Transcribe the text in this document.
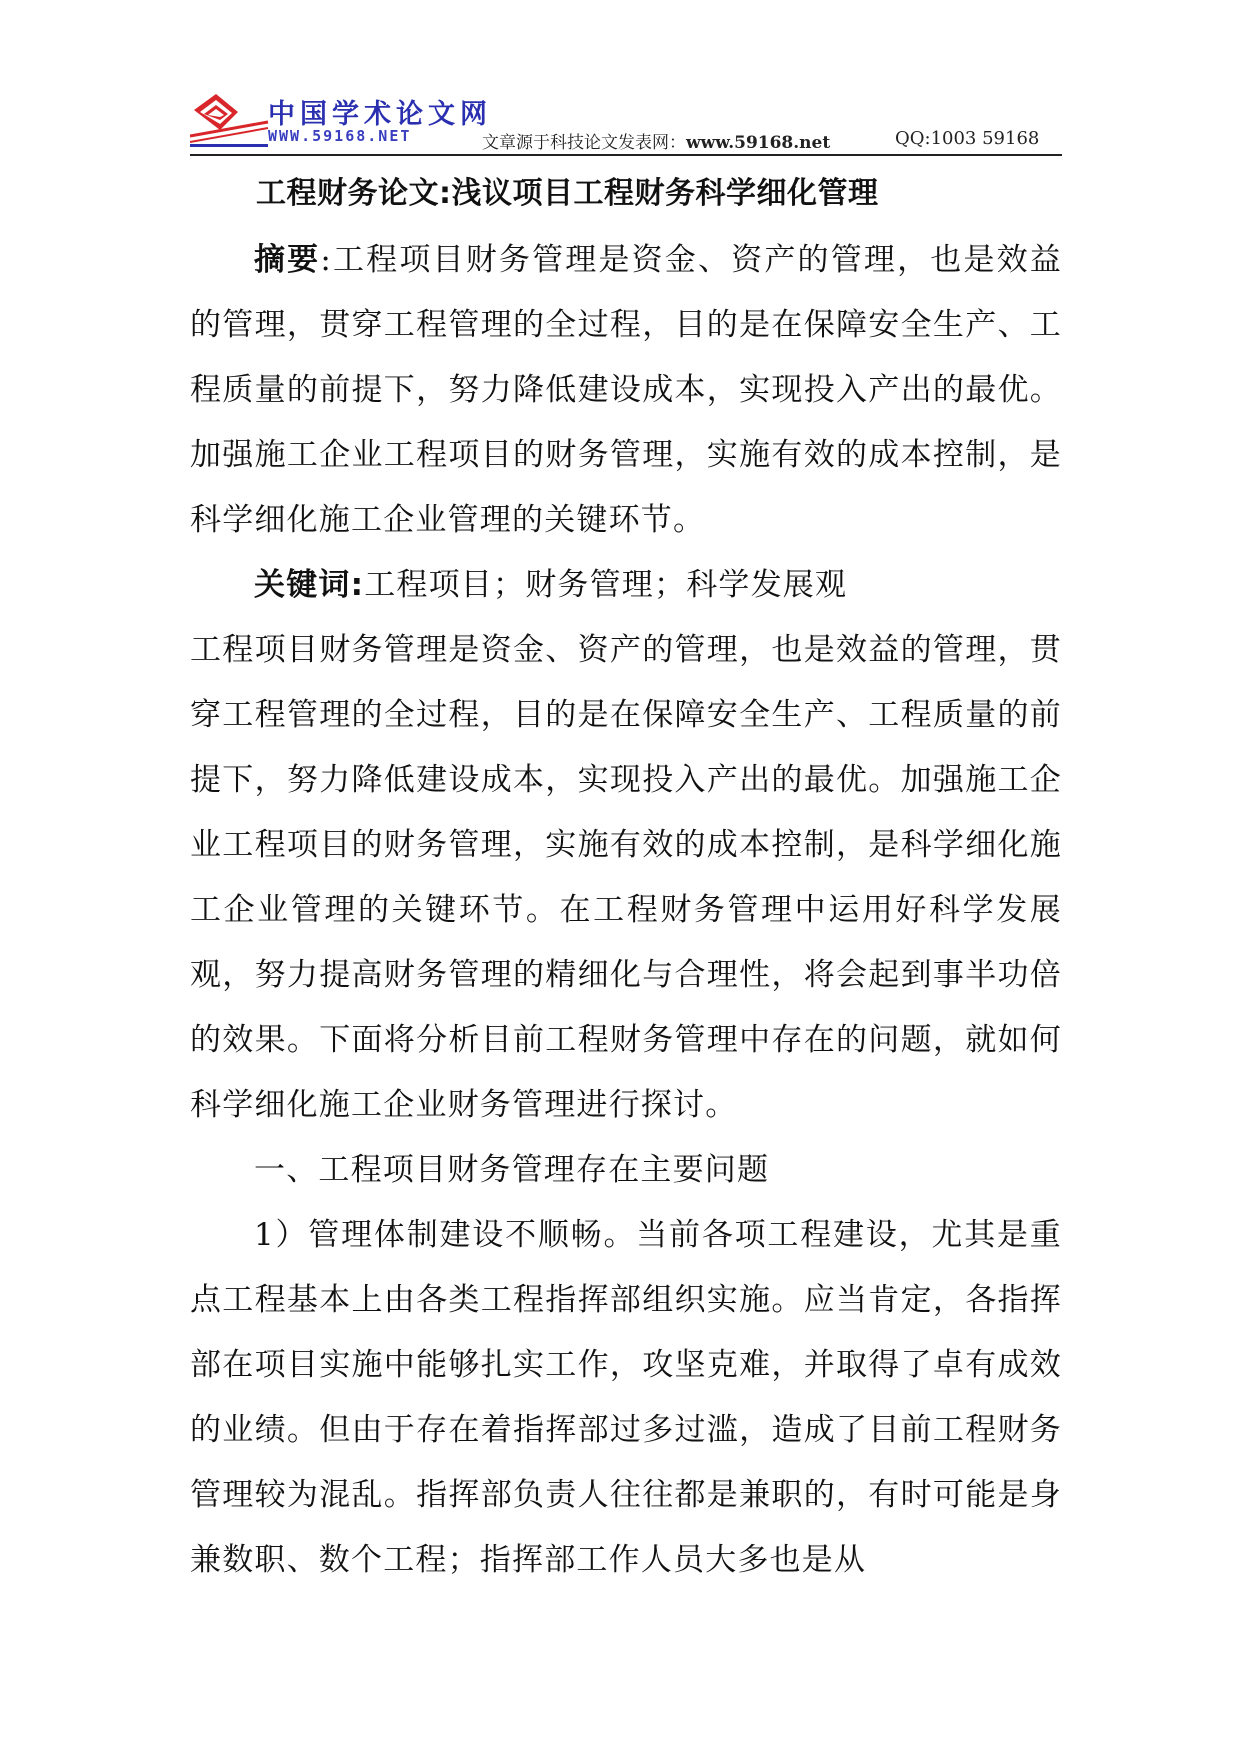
中国学术论文网
WWW.59168.NET	文章源于科技论文发表网：www.59168.net	QQ:1003 59168
工程财务论文:浅议项目工程财务科学细化管理

摘要:工程项目财务管理是资金、资产的管理，也是效益的管理，贯穿工程管理的全过程，目的是在保障安全生产、工程质量的前提下，努力降低建设成本，实现投入产出的最优。加强施工企业工程项目的财务管理，实施有效的成本控制，是科学细化施工企业管理的关键环节。

关键词:工程项目；财务管理；科学发展观

工程项目财务管理是资金、资产的管理，也是效益的管理，贯穿工程管理的全过程，目的是在保障安全生产、工程质量的前提下，努力降低建设成本，实现投入产出的最优。加强施工企业工程项目的财务管理，实施有效的成本控制，是科学细化施工企业管理的关键环节。在工程财务管理中运用好科学发展观，努力提高财务管理的精细化与合理性，将会起到事半功倍的效果。下面将分析目前工程财务管理中存在的问题，就如何科学细化施工企业财务管理进行探讨。

一、工程项目财务管理存在主要问题

1）管理体制建设不顺畅。当前各项工程建设，尤其是重点工程基本上由各类工程指挥部组织实施。应当肯定，各指挥部在项目实施中能够扎实工作，攻坚克难，并取得了卓有成效的业绩。但由于存在着指挥部过多过滥，造成了目前工程财务管理较为混乱。指挥部负责人往往都是兼职的，有时可能是身兼数职、数个工程；指挥部工作人员大多也是从
